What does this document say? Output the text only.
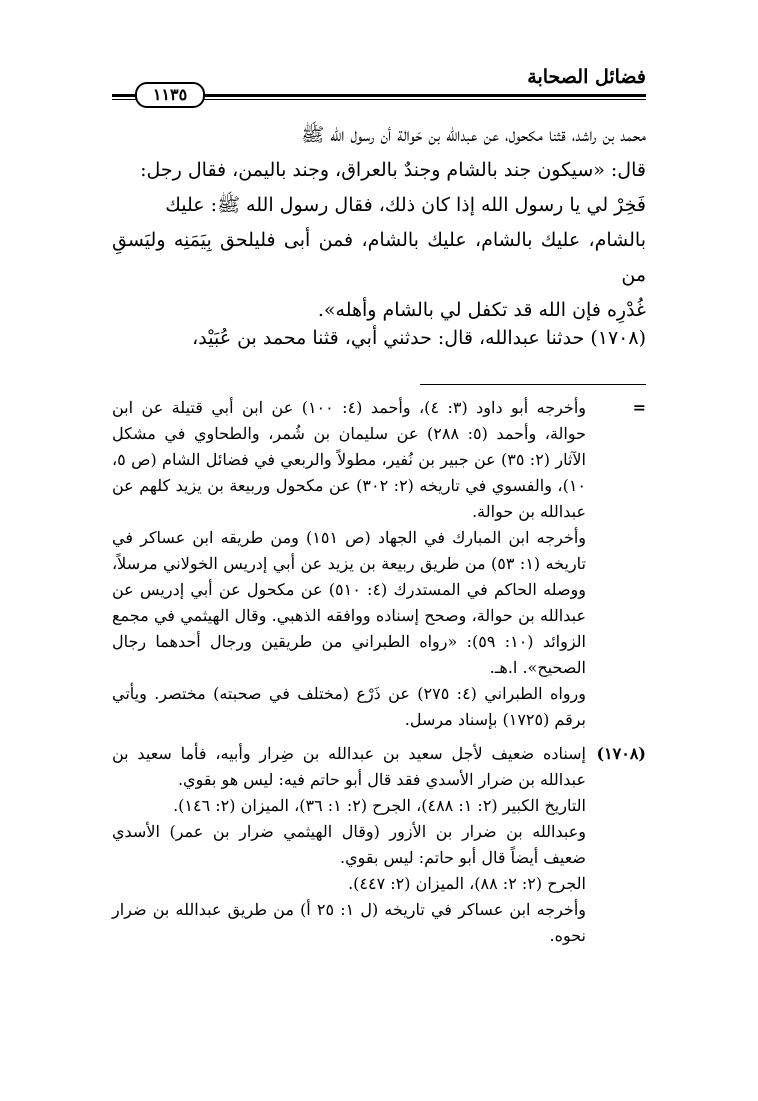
فضائل الصحابة
١١٣٥

محمد بن راشد، قثنا مكحول، عن عبدالله بن حَوالة أن رسول الله ﷺ

قال: «سيكون جند بالشام وجندٌ بالعراق، وجند باليمن، فقال رجل:

فَخِرْ لي يا رسول الله إذا كان ذلك، فقال رسول الله ﷺ: عليك

بالشام، عليك بالشام، عليك بالشام، فمن أبى فليلحق بِيَمَنِه وليَسقِ من

غُدْرِه فإن الله قد تكفل لي بالشام وأهله».

(١٧٠٨) حدثنا عبدالله، قال: حدثني أبي، قثنا محمد بن عُبَيْد،
=

وأخرجه أبو داود (٣: ٤)، وأحمد (٤: ١٠٠) عن ابن أبي قتيلة عن ابن حوالة، وأحمد (٥: ٢٨٨) عن سليمان بن شُمر، والطحاوي في مشكل الآثار (٢: ٣٥) عن جبير بن نُفير، مطولاً والربعي في فضائل الشام (ص ٥، ١٠)، والفسوي في تاريخه (٢: ٣٠٢) عن مكحول وربيعة بن يزيد كلهم عن عبدالله بن حوالة.

وأخرجه ابن المبارك في الجهاد (ص ١٥١) ومن طريقه ابن عساكر في تاريخه (١: ٥٣) من طريق ربيعة بن يزيد عن أبي إدريس الخولاني مرسلاً، ووصله الحاكم في المستدرك (٤: ٥١٠) عن مكحول عن أبي إدريس عن عبدالله بن حوالة، وصحح إسناده ووافقه الذهبي. وقال الهيثمي في مجمع الزوائد (١٠: ٥٩): «رواه الطبراني من طريقين ورجال أحدهما رجال الصحيح». ا.هـ.

ورواه الطبراني (٤: ٢٧٥) عن ذَرْع (مختلف في صحبته) مختصر. ويأتي برقم (١٧٢٥) بإسناد مرسل.

(١٧٠٨)

إسناده ضعيف لأجل سعيد بن عبدالله بن ضِرار وأبيه، فأما سعيد بن عبدالله بن ضرار الأسدي فقد قال أبو حاتم فيه: ليس هو بقوي.

التاريخ الكبير (٢: ١: ٤٨٨)، الجرح (٢: ١: ٣٦)، الميزان (٢: ١٤٦).

وعبدالله بن ضرار بن الأزور (وقال الهيثمي ضرار بن عمر) الأسدي ضعيف أيضاً قال أبو حاتم: ليس بقوي.

الجرح (٢: ٢: ٨٨)، الميزان (٢: ٤٤٧).

وأخرجه ابن عساكر في تاريخه (ل ١: ٢٥ أ) من طريق عبدالله بن ضرار نحوه.
